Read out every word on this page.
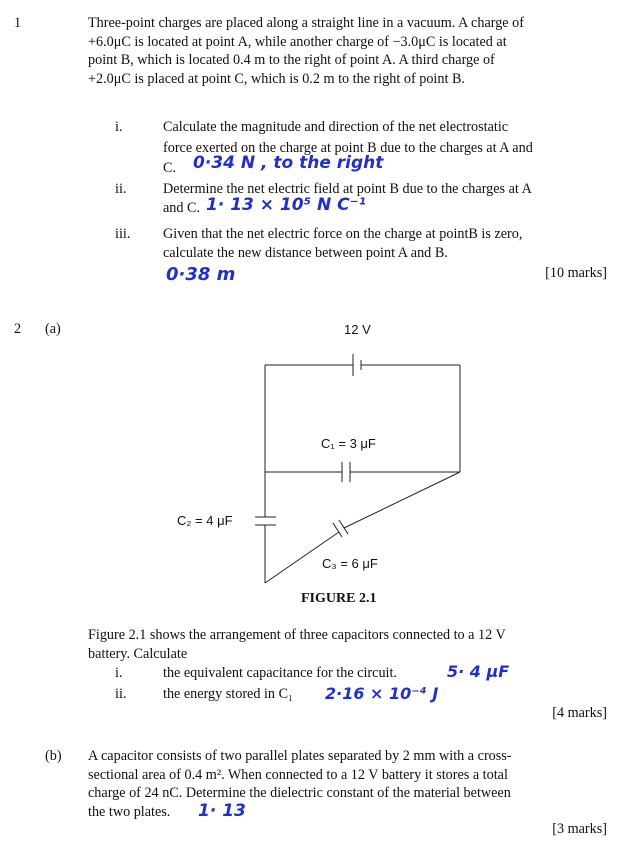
1	Three-point charges are placed along a straight line in a vacuum. A charge of
+6.0μC is located at point A, while another charge of −3.0μC is located at
point B, which is located 0.4 m to the right of point A. A third charge of
+2.0μC is placed at point C, which is 0.2 m to the right of point B.
i.	Calculate the magnitude and direction of the net electrostatic
force exerted on the charge at point B due to the charges at A and
C. 0·34 N , to the right
ii.	Determine the net electric field at point B due to the charges at A
and C. 1· 13 × 10⁵ N C⁻¹
iii. Given that the net electric force on the charge at pointB is zero,
calculate the new distance between point A and B.
0·38 m	[10 marks]
2 (a)	12 V
C₁ = 3 μF
C₂ = 4 μF
C₃ = 6 μF
FIGURE 2.1
Figure 2.1 shows the arrangement of three capacitors connected to a 12 V
battery. Calculate
i.	the equivalent capacitance for the circuit.	5· 4 μF
ii.	the energy stored in C₁ 2·16 × 10⁻⁴ J
[4 marks]
(b) A capacitor consists of two parallel plates separated by 2 mm with a cross-
sectional area of 0.4 m². When connected to a 12 V battery it stores a total
charge of 24 nC. Determine the dielectric constant of the material between
the two plates.	1· 13
[3 marks]
